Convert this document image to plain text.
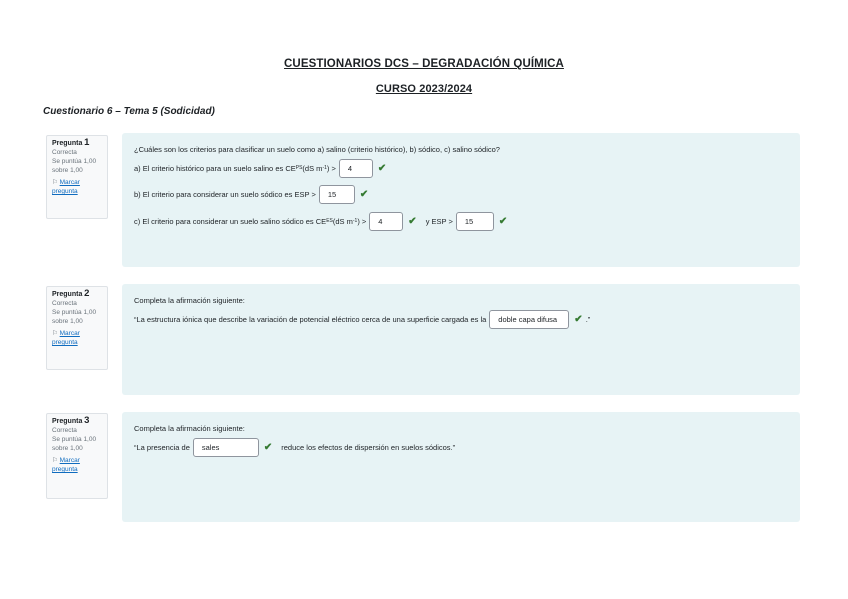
CUESTIONARIOS DCS – DEGRADACIÓN QUÍMICA
CURSO 2023/2024
Cuestionario 6 – Tema 5 (Sodicidad)
Pregunta 1
Correcta
Se puntúa 1,00 sobre 1,00
⚐ Marcar pregunta
¿Cuáles son los criterios para clasificar un suelo como a) salino (criterio histórico), b) sódico, c) salino sódico?
a) El criterio histórico para un suelo salino es CE PS (dS m -1 ) >	4	✔
b) El criterio para considerar un suelo sódico es ESP >	15	✔
c) El criterio para considerar un suelo salino sódico es CE ES (dS m -1 ) >	4	✔ y ESP >	15	✔
Pregunta 2
Correcta
Se puntúa 1,00 sobre 1,00
⚐ Marcar pregunta
Completa la afirmación siguiente:
“La estructura iónica que describe la variación de potencial eléctrico cerca de una superficie cargada es la	doble capa difusa	✔ .”
Pregunta 3
Correcta
Se puntúa 1,00 sobre 1,00
⚐ Marcar pregunta
Completa la afirmación siguiente:
“La presencia de	sales	✔ reduce los efectos de dispersión en suelos sódicos.”
